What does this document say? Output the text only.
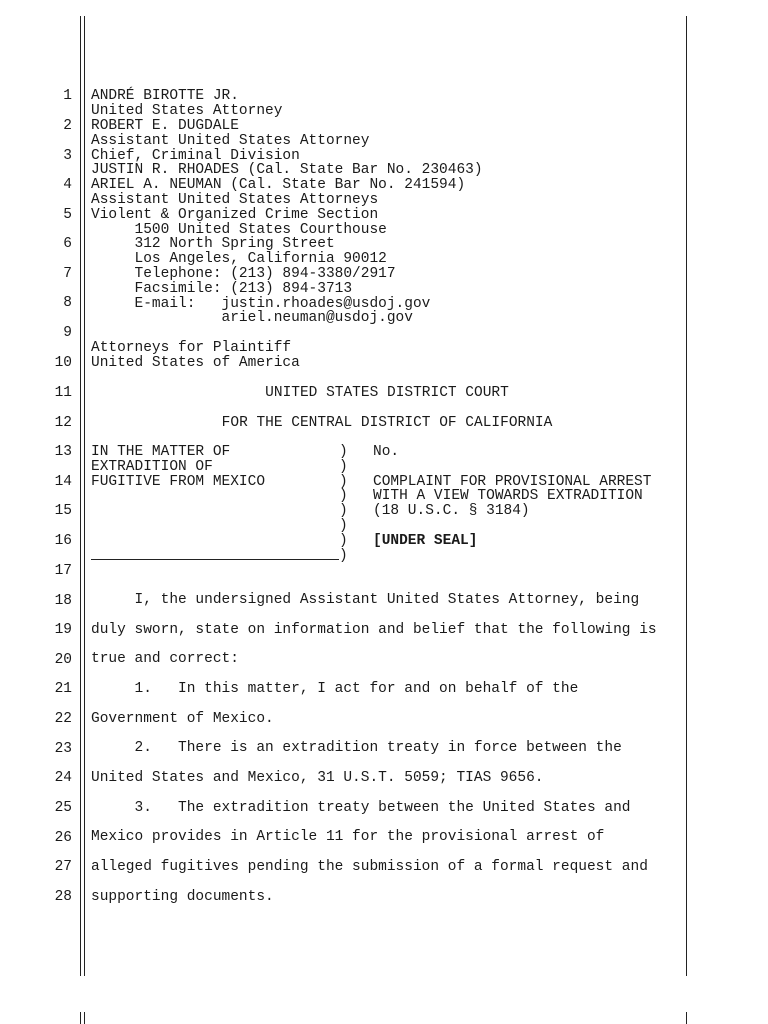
1
2
3
4
5
6
7
8
9
10
11
12
13
14
15
16
17
18
19
20
21
22
23
24
25
26
27
28
ANDRÉ BIROTTE JR.
United States Attorney
ROBERT E. DUGDALE
Assistant United States Attorney
Chief, Criminal Division
JUSTIN R. RHOADES (Cal. State Bar No. 230463)
ARIEL A. NEUMAN (Cal. State Bar No. 241594)
Assistant United States Attorneys
Violent & Organized Crime Section
1500 United States Courthouse
312 North Spring Street
Los Angeles, California 90012
Telephone: (213) 894-3380/2917
Facsimile: (213) 894-3713
E-mail:   justin.rhoades@usdoj.gov
ariel.neuman@usdoj.gov
Attorneys for Plaintiff
United States of America
UNITED STATES DISTRICT COURT
FOR THE CENTRAL DISTRICT OF CALIFORNIA
IN THE MATTER OF
EXTRADITION OF
FUGITIVE FROM MEXICO
)
)
)
)
)
)
)
)
No.
COMPLAINT FOR PROVISIONAL ARREST
WITH A VIEW TOWARDS EXTRADITION
(18 U.S.C. § 3184)
[UNDER SEAL]
I, the undersigned Assistant United States Attorney, being
duly sworn, state on information and belief that the following is
true and correct:
1.   In this matter, I act for and on behalf of the
Government of Mexico.
2.   There is an extradition treaty in force between the
United States and Mexico, 31 U.S.T. 5059; TIAS 9656.
3.   The extradition treaty between the United States and
Mexico provides in Article 11 for the provisional arrest of
alleged fugitives pending the submission of a formal request and
supporting documents.
